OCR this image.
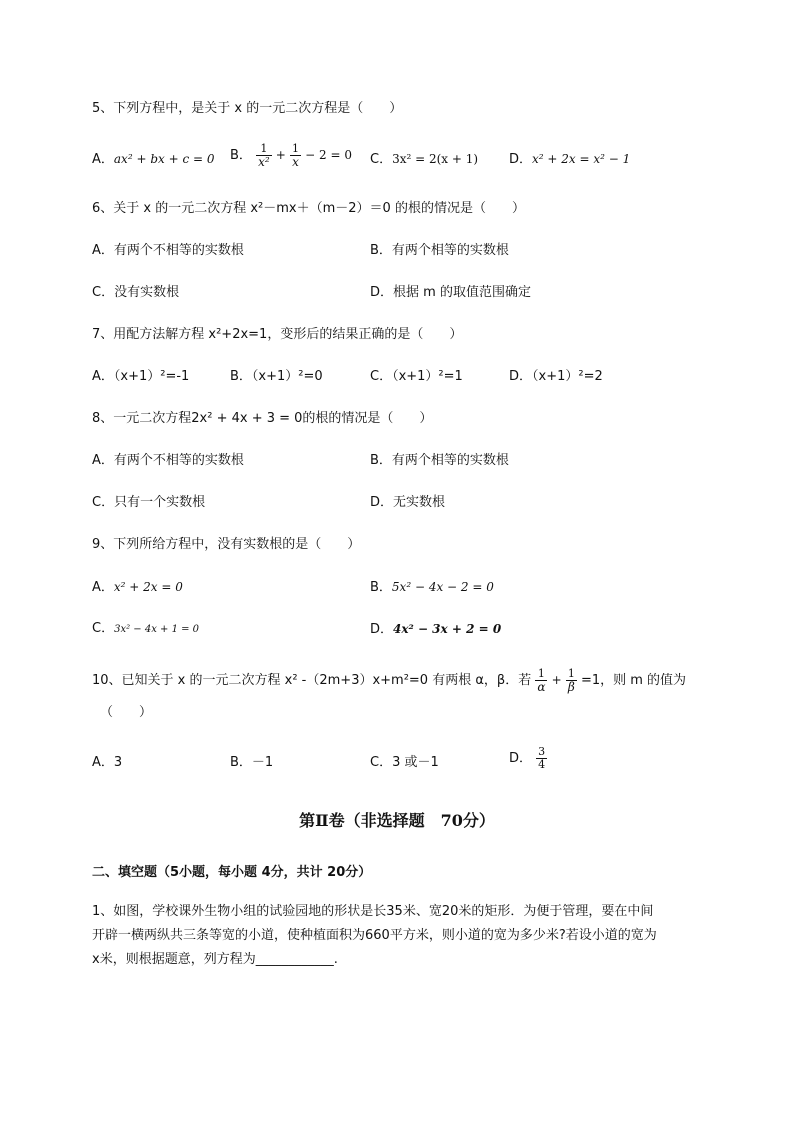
5、下列方程中，是关于 x 的一元二次方程是（　　）
A．ax² + bx + c = 0 B． $\frac{1}{\text{x²}} + \frac{1}{x} - 2 = 0$ C．3x² = 2(x + 1) D．x² + 2x = x² − 1
6、关于 x 的一元二次方程 x²－mx＋（m－2）＝0 的根的情况是（　　）
A．有两个不相等的实数根	B．有两个相等的实数根
C．没有实数根	D．根据 m 的取值范围确定
7、用配方法解方程 x²+2x=1，变形后的结果正确的是（　　）
A．（x+1）²=-1	B．（x+1）²=0	C．（x+1）²=1	D．（x+1）²=2
8、一元二次方程2x² + 4x + 3 = 0的根的情况是（　　）
A．有两个不相等的实数根	B．有两个相等的实数根
C．只有一个实数根	D．无实数根
9、下列所给方程中，没有实数根的是（　　）
A．x² + 2x = 0	B．5x² − 4x − 2 = 0
C．3x² − 4x + 1 = 0	D．4x² − 3x + 2 = 0
10、已知关于 x 的一元二次方程 x² -（2m+3）x+m²=0 有两根 α，β．若 $\frac{1}{\alpha} + \frac{1}{\beta} =1$，则 m 的值为
（　　）
A．3	B．－1	C．3 或－1	D． $\frac{3}{4}$
第Ⅱ卷（非选择题　70分）
二、填空题（5小题，每小题 4分，共计 20分）
1、如图，学校课外生物小组的试验园地的形状是长35米、宽20米的矩形．为便于管理，要在中间
开辟一横两纵共三条等宽的小道，使种植面积为660平方米，则小道的宽为多少米?若设小道的宽为
x米，则根据题意，列方程为____________.
